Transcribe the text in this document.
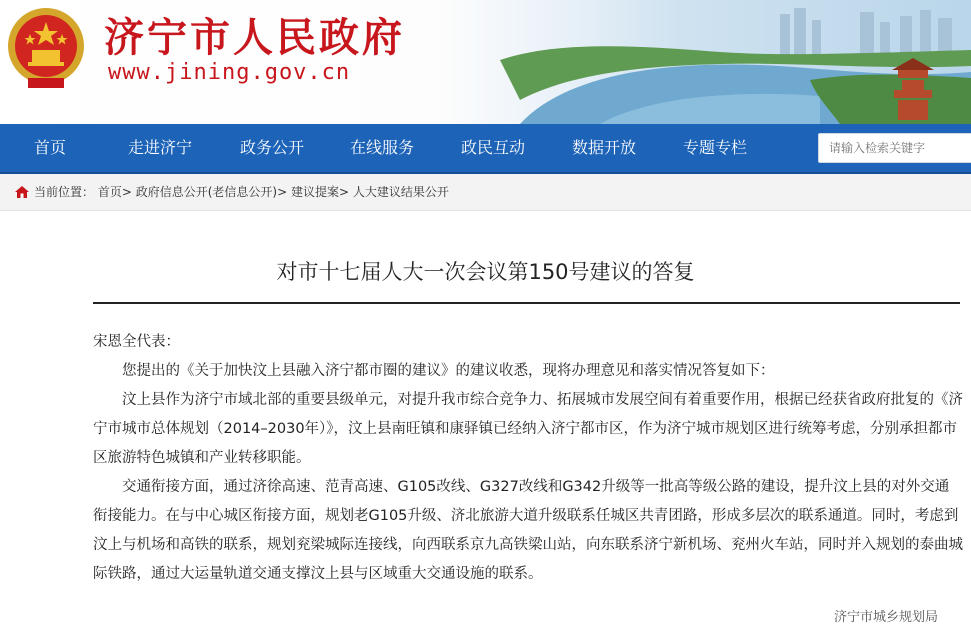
济宁市人民政府
www.jining.gov.cn
首页	走进济宁	政务公开	在线服务	政民互动	数据开放	专题专栏
请输入检索关键字
当前位置： 首页> 政府信息公开(老信息公开)> 建议提案> 人大建议结果公开
对市十七届人大一次会议第150号建议的答复

宋恩全代表：

您提出的《关于加快汶上县融入济宁都市圈的建议》的建议收悉，现将办理意见和落实情况答复如下：

汶上县作为济宁市域北部的重要县级单元，对提升我市综合竞争力、拓展城市发展空间有着重要作用，根据已经获省政府批复的《济宁市城市总体规划（2014–2030年）》，汶上县南旺镇和康驿镇已经纳入济宁都市区，作为济宁城市规划区进行统筹考虑，分别承担都市区旅游特色城镇和产业转移职能。

交通衔接方面，通过济徐高速、范青高速、G105改线、G327改线和G342升级等一批高等级公路的建设，提升汶上县的对外交通衔接能力。在与中心城区衔接方面，规划老G105升级、济北旅游大道升级联系任城区共青团路，形成多层次的联系通道。同时，考虑到汶上与机场和高铁的联系，规划兖梁城际连接线，向西联系京九高铁梁山站，向东联系济宁新机场、兖州火车站，同时并入规划的泰曲城际铁路，通过大运量轨道交通支撑汶上县与区域重大交通设施的联系。

济宁市城乡规划局
